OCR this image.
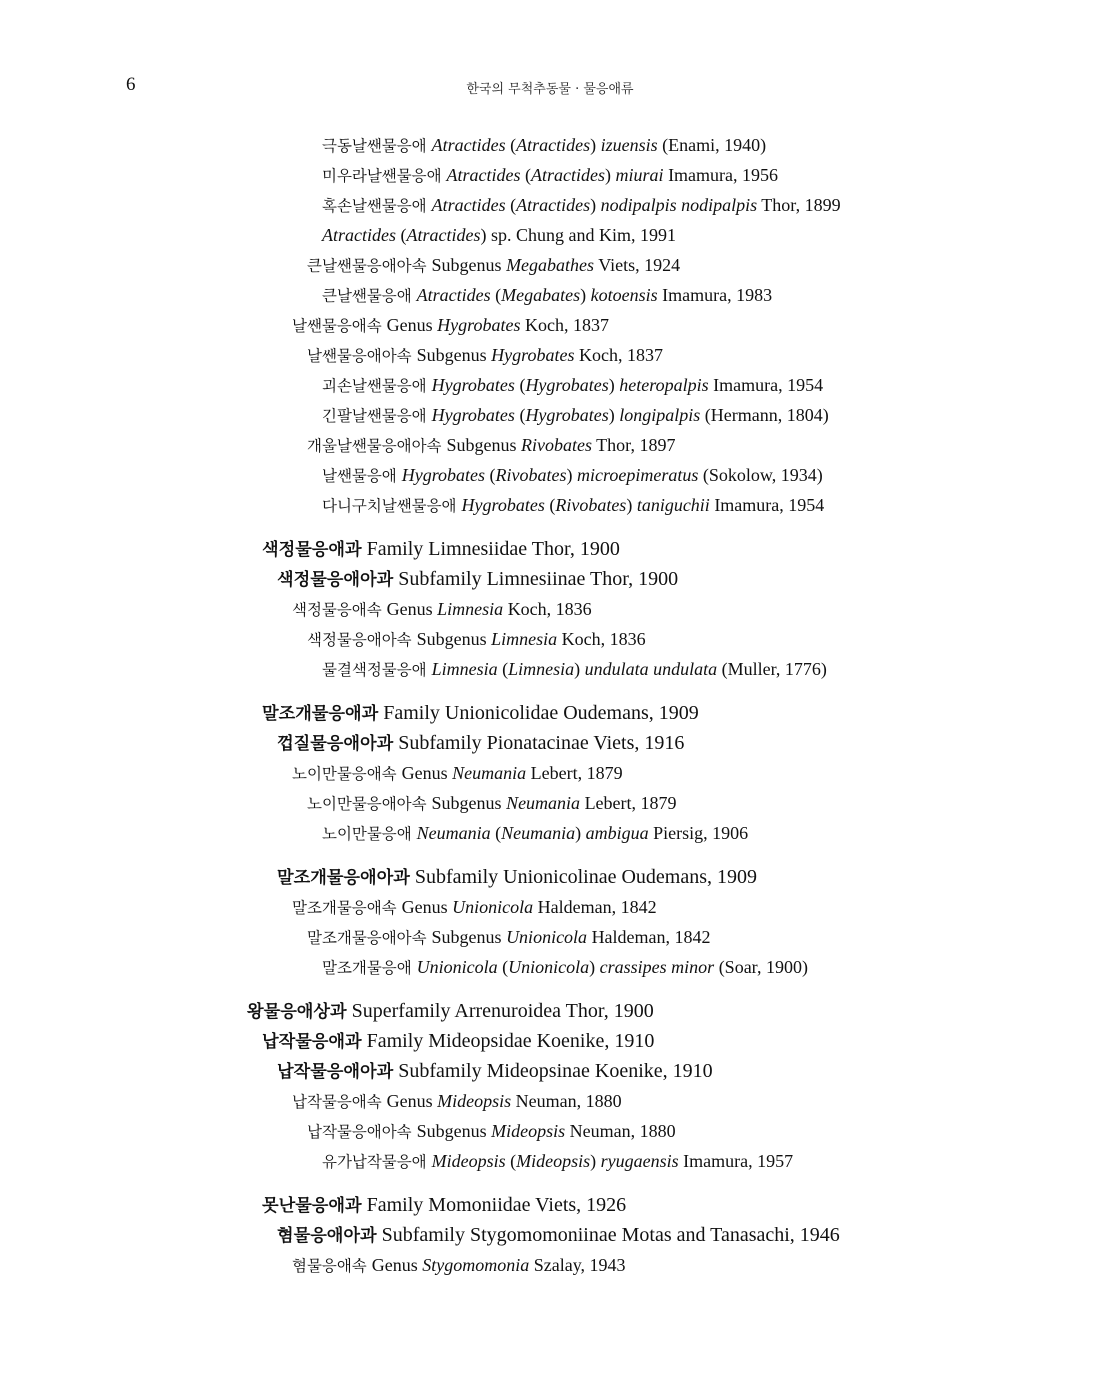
6	한국의 무척추동물 · 물응애류
극동날쌘물응애 Atractides (Atractides) izuensis (Enami, 1940)
미우라날쌘물응애 Atractides (Atractides) miurai Imamura, 1956
혹손날쌘물응애 Atractides (Atractides) nodipalpis nodipalpis Thor, 1899
Atractides (Atractides) sp. Chung and Kim, 1991
큰날쌘물응애아속 Subgenus Megabathes Viets, 1924
큰날쌘물응애 Atractides (Megabates) kotoensis Imamura, 1983
날쌘물응애속 Genus Hygrobates Koch, 1837
날쌘물응애아속 Subgenus Hygrobates Koch, 1837
괴손날쌘물응애 Hygrobates (Hygrobates) heteropalpis Imamura, 1954
긴팔날쌘물응애 Hygrobates (Hygrobates) longipalpis (Hermann, 1804)
개울날쌘물응애아속 Subgenus Rivobates Thor, 1897
날쌘물응애 Hygrobates (Rivobates) microepimeratus (Sokolow, 1934)
다니구치날쌘물응애 Hygrobates (Rivobates) taniguchii Imamura, 1954
색정물응애과 Family Limnesiidae Thor, 1900
색정물응애아과 Subfamily Limnesiinae Thor, 1900
색정물응애속 Genus Limnesia Koch, 1836
색정물응애아속 Subgenus Limnesia Koch, 1836
물결색정물응애 Limnesia (Limnesia) undulata undulata (Muller, 1776)
말조개물응애과 Family Unionicolidae Oudemans, 1909
껍질물응애아과 Subfamily Pionatacinae Viets, 1916
노이만물응애속 Genus Neumania Lebert, 1879
노이만물응애아속 Subgenus Neumania Lebert, 1879
노이만물응애 Neumania (Neumania) ambigua Piersig, 1906
말조개물응애아과 Subfamily Unionicolinae Oudemans, 1909
말조개물응애속 Genus Unionicola Haldeman, 1842
말조개물응애아속 Subgenus Unionicola Haldeman, 1842
말조개물응애 Unionicola (Unionicola) crassipes minor (Soar, 1900)
왕물응애상과 Superfamily Arrenuroidea Thor, 1900
납작물응애과 Family Mideopsidae Koenike, 1910
납작물응애아과 Subfamily Mideopsinae Koenike, 1910
납작물응애속 Genus Mideopsis Neuman, 1880
납작물응애아속 Subgenus Mideopsis Neuman, 1880
유가납작물응애 Mideopsis (Mideopsis) ryugaensis Imamura, 1957
못난물응애과 Family Momoniidae Viets, 1926
혐물응애아과 Subfamily Stygomomoniinae Motas and Tanasachi, 1946
혐물응애속 Genus Stygomomonia Szalay, 1943
